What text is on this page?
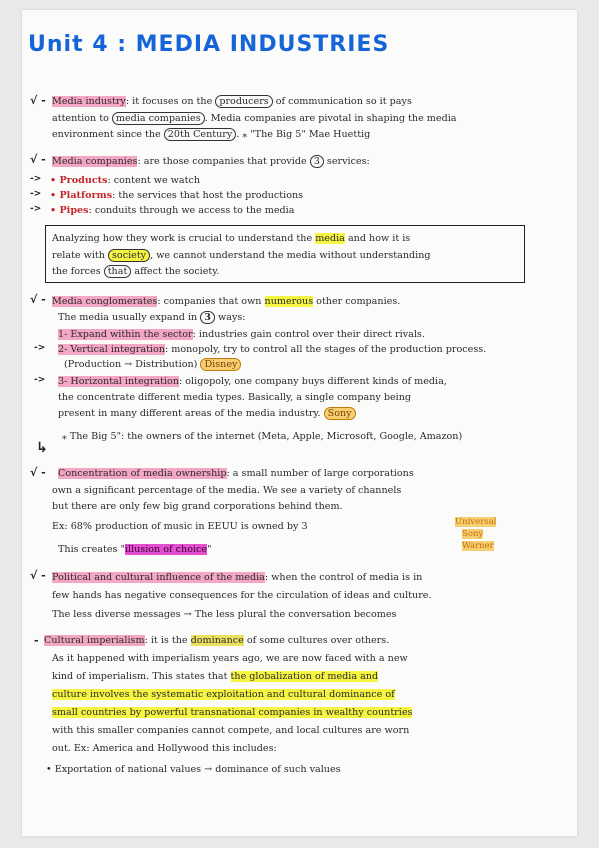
Unit 4 : MEDIA INDUSTRIES
√ - Media industry: it focuses on the producers of communication so it pays
attention to media companies . Media companies are pivotal in shaping the media
environment since the 20th Century . ⁎ "The Big 5" Mae Huettig
√ - Media companies: are those companies that provide 3 services:
-> • Products: content we watch
-> • Platforms: the services that host the productions
-> • Pipes: conduits through we access to the media
Analyzing how they work is crucial to understand the media and how it is
relate with society , we cannot understand the media without understanding
the forces that affect the society.
√ - Media conglomerates: companies that own numerous other companies.
The media usually expand in 3 ways:
1- Expand within the sector: industries gain control over their direct rivals.
-> 2- Vertical integration: monopoly, try to control all the stages of the production process.
(Production → Distribution) Disney
-> 3- Horizontal integration: oligopoly, one company buys different kinds of media,
the concentrate different media types. Basically, a single company being
present in many different areas of the media industry. Sony
⁎ The Big 5": the owners of the internet (Meta, Apple, Microsoft, Google, Amazon)
↳
√ - Concentration of media ownership: a small number of large corporations
own a significant percentage of the media. We see a variety of channels
but there are only few big grand corporations behind them.
Ex: 68% production of music in EEUU is owned by 3	Universal
Sony
Warner
This creates "illusion of choice"
√ - Political and cultural influence of the media: when the control of media is in
few hands has negative consequences for the circulation of ideas and culture.
The less diverse messages → The less plural the conversation becomes
- Cultural imperialism: it is the dominance of some cultures over others.
As it happened with imperialism years ago, we are now faced with a new
kind of imperialism. This states that the globalization of media and
culture involves the systematic exploitation and cultural dominance of
small countries by powerful transnational companies in wealthy countries
with this smaller companies cannot compete, and local cultures are worn
out. Ex: America and Hollywood this includes:
• Exportation of national values → dominance of such values
